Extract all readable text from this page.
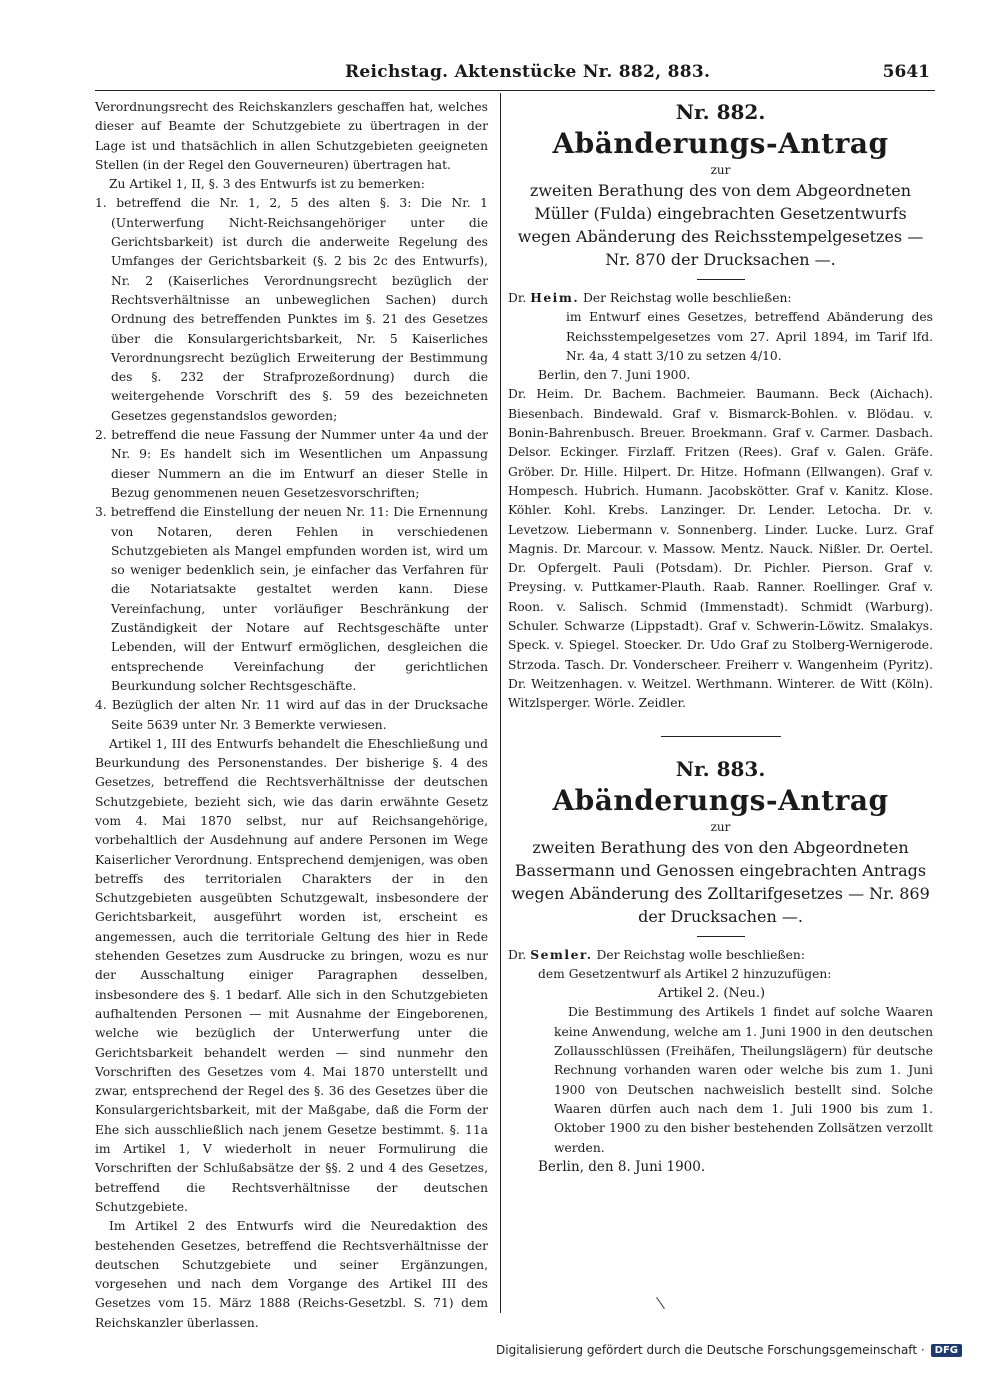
Reichstag. Aktenstücke Nr. 882, 883.	5641

Verordnungsrecht des Reichskanzlers geschaffen hat, welches dieser auf Beamte der Schutzgebiete zu übertragen in der Lage ist und thatsächlich in allen Schutzgebieten geeigneten Stellen (in der Regel den Gouverneuren) übertragen hat.

Zu Artikel 1, II, §. 3 des Entwurfs ist zu bemerken:

1. betreffend die Nr. 1, 2, 5 des alten §. 3: Die Nr. 1 (Unterwerfung Nicht-Reichsangehöriger unter die Gerichtsbarkeit) ist durch die anderweite Regelung des Umfanges der Gerichtsbarkeit (§. 2 bis 2c des Entwurfs), Nr. 2 (Kaiserliches Verordnungsrecht bezüglich der Rechtsverhältnisse an unbeweglichen Sachen) durch Ordnung des betreffenden Punktes im §. 21 des Gesetzes über die Konsulargerichtsbarkeit, Nr. 5 Kaiserliches Verordnungsrecht bezüglich Erweiterung der Bestimmung des §. 232 der Strafprozeßordnung) durch die weitergehende Vorschrift des §. 59 des bezeichneten Gesetzes gegenstandslos geworden;

2. betreffend die neue Fassung der Nummer unter 4a und der Nr. 9: Es handelt sich im Wesentlichen um Anpassung dieser Nummern an die im Entwurf an dieser Stelle in Bezug genommenen neuen Gesetzesvorschriften;

3. betreffend die Einstellung der neuen Nr. 11: Die Ernennung von Notaren, deren Fehlen in verschiedenen Schutzgebieten als Mangel empfunden worden ist, wird um so weniger bedenklich sein, je einfacher das Verfahren für die Notariatsakte gestaltet werden kann. Diese Vereinfachung, unter vorläufiger Beschränkung der Zuständigkeit der Notare auf Rechtsgeschäfte unter Lebenden, will der Entwurf ermöglichen, desgleichen die entsprechende Vereinfachung der gerichtlichen Beurkundung solcher Rechtsgeschäfte.

4. Bezüglich der alten Nr. 11 wird auf das in der Drucksache Seite 5639 unter Nr. 3 Bemerkte verwiesen.

Artikel 1, III des Entwurfs behandelt die Eheschließung und Beurkundung des Personenstandes. Der bisherige §. 4 des Gesetzes, betreffend die Rechtsverhältnisse der deutschen Schutzgebiete, bezieht sich, wie das darin erwähnte Gesetz vom 4. Mai 1870 selbst, nur auf Reichsangehörige, vorbehaltlich der Ausdehnung auf andere Personen im Wege Kaiserlicher Verordnung. Entsprechend demjenigen, was oben betreffs des territorialen Charakters der in den Schutzgebieten ausgeübten Schutzgewalt, insbesondere der Gerichtsbarkeit, ausgeführt worden ist, erscheint es angemessen, auch die territoriale Geltung des hier in Rede stehenden Gesetzes zum Ausdrucke zu bringen, wozu es nur der Ausschaltung einiger Paragraphen desselben, insbesondere des §. 1 bedarf. Alle sich in den Schutzgebieten aufhaltenden Personen — mit Ausnahme der Eingeborenen, welche wie bezüglich der Unterwerfung unter die Gerichtsbarkeit behandelt werden — sind nunmehr den Vorschriften des Gesetzes vom 4. Mai 1870 unterstellt und zwar, entsprechend der Regel des §. 36 des Gesetzes über die Konsulargerichtsbarkeit, mit der Maßgabe, daß die Form der Ehe sich ausschließlich nach jenem Gesetze bestimmt. §. 11a im Artikel 1, V wiederholt in neuer Formulirung die Vorschriften der Schlußabsätze der §§. 2 und 4 des Gesetzes, betreffend die Rechtsverhältnisse der deutschen Schutzgebiete.

Im Artikel 2 des Entwurfs wird die Neuredaktion des bestehenden Gesetzes, betreffend die Rechtsverhältnisse der deutschen Schutzgebiete und seiner Ergänzungen, vorgesehen und nach dem Vorgange des Artikel III des Gesetzes vom 15. März 1888 (Reichs-Gesetzbl. S. 71) dem Reichskanzler überlassen.

Nr. 882.
Abänderungs-Antrag
zur
zweiten Berathung des von dem Abgeordneten Müller (Fulda) eingebrachten Gesetzentwurfs wegen Abänderung des Reichsstempelgesetzes — Nr. 870 der Drucksachen —.

Dr. Heim. Der Reichstag wolle beschließen:

im Entwurf eines Gesetzes, betreffend Abänderung des Reichsstempelgesetzes vom 27. April 1894, im Tarif lfd. Nr. 4a, 4 statt 3/10 zu setzen 4/10.

Berlin, den 7. Juni 1900.

Dr. Heim. Dr. Bachem. Bachmeier. Baumann. Beck (Aichach). Biesenbach. Bindewald. Graf v. Bismarck-Bohlen. v. Blödau. v. Bonin-Bahrenbusch. Breuer. Broekmann. Graf v. Carmer. Dasbach. Delsor. Eckinger. Firzlaff. Fritzen (Rees). Graf v. Galen. Gräfe. Gröber. Dr. Hille. Hilpert. Dr. Hitze. Hofmann (Ellwangen). Graf v. Hompesch. Hubrich. Humann. Jacobskötter. Graf v. Kanitz. Klose. Köhler. Kohl. Krebs. Lanzinger. Dr. Lender. Letocha. Dr. v. Levetzow. Liebermann v. Sonnenberg. Linder. Lucke. Lurz. Graf Magnis. Dr. Marcour. v. Massow. Mentz. Nauck. Nißler. Dr. Oertel. Dr. Opfergelt. Pauli (Potsdam). Dr. Pichler. Pierson. Graf v. Preysing. v. Puttkamer-Plauth. Raab. Ranner. Roellinger. Graf v. Roon. v. Salisch. Schmid (Immenstadt). Schmidt (Warburg). Schuler. Schwarze (Lippstadt). Graf v. Schwerin-Löwitz. Smalakys. Speck. v. Spiegel. Stoecker. Dr. Udo Graf zu Stolberg-Wernigerode. Strzoda. Tasch. Dr. Vonderscheer. Freiherr v. Wangenheim (Pyritz). Dr. Weitzenhagen. v. Weitzel. Werthmann. Winterer. de Witt (Köln). Witzlsperger. Wörle. Zeidler.

Nr. 883.
Abänderungs-Antrag
zur
zweiten Berathung des von den Abgeordneten Bassermann und Genossen eingebrachten Antrags wegen Abänderung des Zolltarifgesetzes — Nr. 869 der Drucksachen —.

Dr. Semler. Der Reichstag wolle beschließen:

dem Gesetzentwurf als Artikel 2 hinzuzufügen:

Artikel 2. (Neu.)

Die Bestimmung des Artikels 1 findet auf solche Waaren keine Anwendung, welche am 1. Juni 1900 in den deutschen Zollausschlüssen (Freihäfen, Theilungslägern) für deutsche Rechnung vorhanden waren oder welche bis zum 1. Juni 1900 von Deutschen nachweislich bestellt sind. Solche Waaren dürfen auch nach dem 1. Juli 1900 bis zum 1. Oktober 1900 zu den bisher bestehenden Zollsätzen verzollt werden.

Berlin, den 8. Juni 1900.

Digitalisierung gefördert durch die Deutsche Forschungsgemeinschaft ·	DFG
